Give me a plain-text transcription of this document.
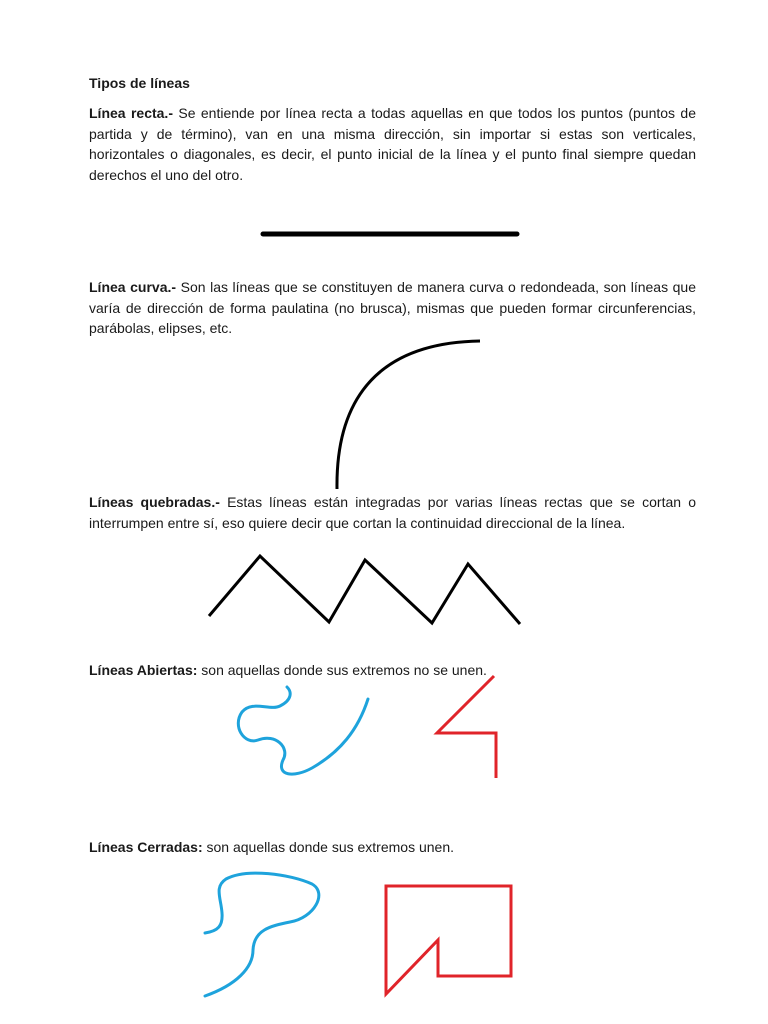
Tipos de líneas

Línea recta.- Se entiende por línea recta a todas aquellas en que todos los puntos (puntos de partida y de término), van en una misma dirección, sin importar si estas son verticales, horizontales o diagonales, es decir, el punto inicial de la línea y el punto final siempre quedan derechos el uno del otro.

Línea curva.- Son las líneas que se constituyen de manera curva o redondeada, son líneas que varía de dirección de forma paulatina (no brusca), mismas que pueden formar circunferencias, parábolas, elipses, etc.

Líneas quebradas.- Estas líneas están integradas por varias líneas rectas que se cortan o interrumpen entre sí, eso quiere decir que cortan la continuidad direccional de la línea.

Líneas Abiertas: son aquellas donde sus extremos no se unen.

Líneas Cerradas: son aquellas donde sus extremos unen.
